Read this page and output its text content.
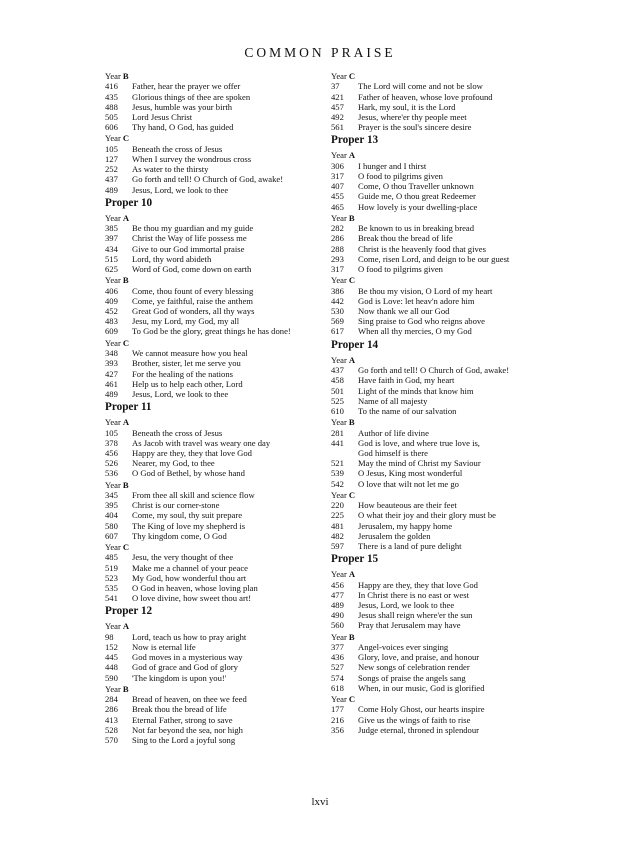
COMMON PRAISE
Year B
416	Father, hear the prayer we offer
435	Glorious things of thee are spoken
488	Jesus, humble was your birth
505	Lord Jesus Christ
606	Thy hand, O God, has guided
Year C
105	Beneath the cross of Jesus
127	When I survey the wondrous cross
252	As water to the thirsty
437	Go forth and tell! O Church of God, awake!
489	Jesus, Lord, we look to thee
Proper 10
Year A
385	Be thou my guardian and my guide
397	Christ the Way of life possess me
434	Give to our God immortal praise
515	Lord, thy word abideth
625	Word of God, come down on earth
Year B
406	Come, thou fount of every blessing
409	Come, ye faithful, raise the anthem
452	Great God of wonders, all thy ways
483	Jesu, my Lord, my God, my all
609	To God be the glory, great things he has done!
Year C
348	We cannot measure how you heal
393	Brother, sister, let me serve you
427	For the healing of the nations
461	Help us to help each other, Lord
489	Jesus, Lord, we look to thee
Proper 11
Year A
105	Beneath the cross of Jesus
378	As Jacob with travel was weary one day
456	Happy are they, they that love God
526	Nearer, my God, to thee
536	O God of Bethel, by whose hand
Year B
345	From thee all skill and science flow
395	Christ is our corner-stone
404	Come, my soul, thy suit prepare
580	The King of love my shepherd is
607	Thy kingdom come, O God
Year C
485	Jesu, the very thought of thee
519	Make me a channel of your peace
523	My God, how wonderful thou art
535	O God in heaven, whose loving plan
541	O love divine, how sweet thou art!
Proper 12
Year A
98	Lord, teach us how to pray aright
152	Now is eternal life
445	God moves in a mysterious way
448	God of grace and God of glory
590	'The kingdom is upon you!'
Year B
284	Bread of heaven, on thee we feed
286	Break thou the bread of life
413	Eternal Father, strong to save
528	Not far beyond the sea, nor high
570	Sing to the Lord a joyful song
Year C
37	The Lord will come and not be slow
421	Father of heaven, whose love profound
457	Hark, my soul, it is the Lord
492	Jesus, where'er thy people meet
561	Prayer is the soul's sincere desire
Proper 13
Year A
306	I hunger and I thirst
317	O food to pilgrims given
407	Come, O thou Traveller unknown
455	Guide me, O thou great Redeemer
465	How lovely is your dwelling-place
Year B
282	Be known to us in breaking bread
286	Break thou the bread of life
288	Christ is the heavenly food that gives
293	Come, risen Lord, and deign to be our guest
317	O food to pilgrims given
Year C
386	Be thou my vision, O Lord of my heart
442	God is Love: let heav'n adore him
530	Now thank we all our God
569	Sing praise to God who reigns above
617	When all thy mercies, O my God
Proper 14
Year A
437	Go forth and tell! O Church of God, awake!
458	Have faith in God, my heart
501	Light of the minds that know him
525	Name of all majesty
610	To the name of our salvation
Year B
281	Author of life divine
441	God is love, and where true love is,
God himself is there
521	May the mind of Christ my Saviour
539	O Jesus, King most wonderful
542	O love that wilt not let me go
Year C
220	How beauteous are their feet
225	O what their joy and their glory must be
481	Jerusalem, my happy home
482	Jerusalem the golden
597	There is a land of pure delight
Proper 15
Year A
456	Happy are they, they that love God
477	In Christ there is no east or west
489	Jesus, Lord, we look to thee
490	Jesus shall reign where'er the sun
560	Pray that Jerusalem may have
Year B
377	Angel-voices ever singing
436	Glory, love, and praise, and honour
527	New songs of celebration render
574	Songs of praise the angels sang
618	When, in our music, God is glorified
Year C
177	Come Holy Ghost, our hearts inspire
216	Give us the wings of faith to rise
356	Judge eternal, throned in splendour
lxvi
